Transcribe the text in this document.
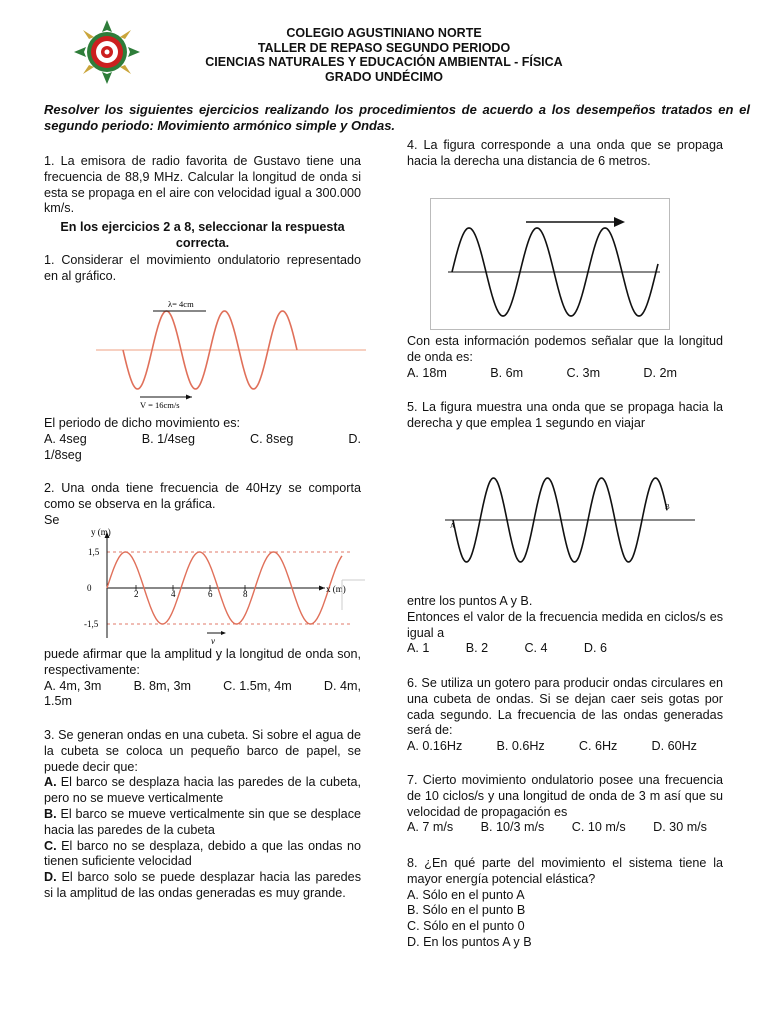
COLEGIO AGUSTINIANO NORTE
TALLER DE REPASO SEGUNDO PERIODO
CIENCIAS NATURALES Y EDUCACIÓN AMBIENTAL - FÍSICA
GRADO UNDÉCIMO
Resolver los siguientes ejercicios realizando los procedimientos de acuerdo a los desempeños tratados en el segundo periodo: Movimiento armónico simple y Ondas.

1. La emisora de radio favorita de Gustavo tiene una frecuencia de 88,9 MHz. Calcular la longitud de onda si esta se propaga en el aire con velocidad igual a 300.000 km/s.

En los ejercicios 2 a 8, seleccionar la respuesta correcta.

1. Considerar el movimiento ondulatorio representado en al gráfico.

λ= 4cm
V = 16cm/s

El periodo de dicho movimiento es:

A. 4seg	B. 1/4seg	C. 8seg	D.

1/8seg

2. Una onda tiene frecuencia de 40Hzy se comporta como se observa en la gráfica.

Se

y (m)
x (m)
1,5
0
-1,5
2	4	6	8
v

puede afirmar que la amplitud y la longitud de onda son, respectivamente:

A. 4m, 3m	B. 8m, 3m	C. 1.5m, 4m	D. 4m,

1.5m

3. Se generan ondas en una cubeta. Si sobre el agua de la cubeta se coloca un pequeño barco de papel, se puede decir que:

A. El barco se desplaza hacia las paredes de la cubeta, pero no se mueve verticalmente

B. El barco se mueve verticalmente sin que se desplace hacia las paredes de la cubeta

C. El barco no se desplaza, debido a que las ondas no tienen suficiente velocidad

D. El barco solo se puede desplazar hacia las paredes si la amplitud de las ondas generadas es muy grande.

4. La figura corresponde a una onda que se propaga hacia la derecha una distancia de 6 metros.

Con esta información podemos señalar que la longitud de onda es:

A. 18m	B. 6m	C. 3m	D. 2m

5. La figura muestra una onda que se propaga hacia la derecha y que emplea 1 segundo en viajar

A
B

entre los puntos A y B.

Entonces el valor de la frecuencia medida en ciclos/s es igual a

A. 1	B. 2	C. 4	D. 6

6. Se utiliza un gotero para producir ondas circulares en una cubeta de ondas. Si se dejan caer seis gotas por cada segundo. La frecuencia de las ondas generadas será de:

A. 0.16Hz	B. 0.6Hz	C. 6Hz	D. 60Hz

7. Cierto movimiento ondulatorio posee una frecuencia de 10 ciclos/s y una longitud de onda de 3 m así que su velocidad de propagación es

A. 7 m/s B. 10/3 m/s C. 10 m/s D. 30 m/s

8. ¿En qué parte del movimiento el sistema tiene la mayor energía potencial elástica?

A. Sólo en el punto A

B. Sólo en el punto B

C. Sólo en el punto 0

D. En los puntos A y B
